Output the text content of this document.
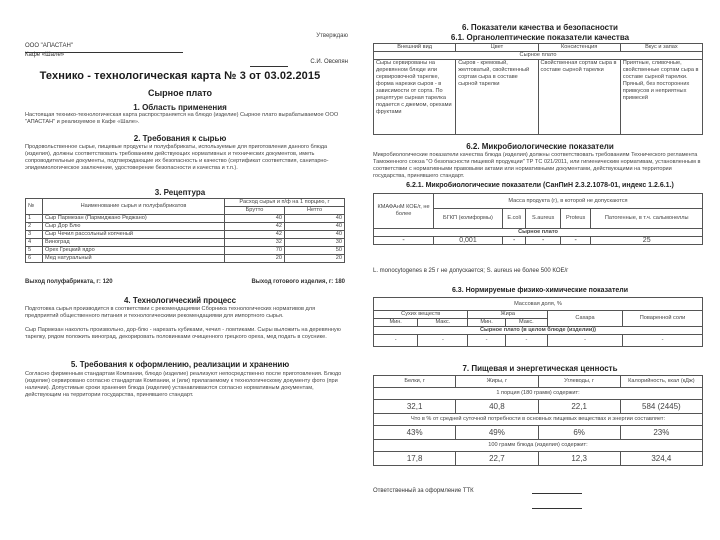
Утверждаю
ООО "АПАСТАН"
Кафе «Шале»
С.И. Овсепян
Технико - технологическая карта № 3 от 03.02.2015
Сырное плато
1. Область применения
Настоящая технико-технологическая карта распространяется на блюдо (изделие) Сырное плато вырабатываемое ООО "АПАСТАН" и реализуемое в Кафе «Шале».
2. Требования к сырью
Продовольственное сырье, пищевые продукты и полуфабрикаты, используемые для приготовления данного блюда (изделия), должны соответствовать требованиям действующих нормативных и технических документов, иметь сопроводительные документы, подтверждающие их безопасность и качество (сертификат соответствия, санитарно-эпидемиологическое заключение, удостоверение безопасности и качества и т.п.).
3. Рецептура
№	Наименование сырья и полуфабрикатов	Расход сырья и п/ф на 1 порцию, г	
		Брутто	Нетто
1	Сыр Пармезан (Пармиджано Реджано)	40	40
2	Сыр Дор Блю	42	40
3	Сыр Чечил рассольный копченый	42	40
4	Виноград	32	30
5	Орех Грецкий ядро	70	50
6	Мед натуральный	20	20
Выход полуфабриката, г: 120	Выход готового изделия, г: 180
4. Технологический процесс
Подготовка сырья производится в соответствии с рекомендациями Сборника технологических нормативов для предприятий общественного питания и технологическими рекомендациями для импортного сырья.
Сыр Пармезан наколоть произвольно, дор-блю - нарезать кубиками, чечил - ломтиками. Сыры выложить на деревянную тарелку, рядом положить виноград, декорировать половинками очищенного грецкого ореха, мед подать в соуснике.
5. Требования к оформлению, реализации и хранению
Согласно фирменным стандартам Компании, блюдо (изделие) реализуют непосредственно после приготовления. Блюдо (изделие) сервировано согласно стандартам Компании, и (или) прилагаемому к технологическому документу фото (при наличии). Допустимые сроки хранения блюда (изделия) устанавливаются согласно нормативным документам, действующим на территории государства, принявшего стандарт.
6. Показатели качества и безопасности
6.1. Органолептические показатели качества
Внешний вид	Цвет	Консистенция	Вкус и запах
Сырное плато			
Сыры сервированы на деревянном блюде или сервировочной тарелке, форма нарезки сыров - в зависимости от сорта. По рецептуре сырная тарелка подается с джемом, орехами фруктами	Сыров - кремовый, желтоватый, свойственный сортам сыра в составе сырной тарелки	Свойственная сортам сыра в составе сырной тарелки	Приятные, сливочные, свойственные сортам сыра в составе сырной тарелки. Пряный, без посторонних привкусов и неприятных примесей
6.2. Микробиологические показатели
Микробиологические показатели качества блюда (изделия) должны соответствовать требованиям Технического регламента Таможенного союза "О безопасности пищевой продукции" ТР ТС 021/2011, или гигиеническим нормативам, установленным в соответствии с нормативными правовыми актами или нормативными документами, действующими на территории государства, принявшего стандарт.
6.2.1. Микробиологические показатели (СанПиН 2.3.2.1078-01, индекс 1.2.6.1.)
КМАФАнМ КОЕ/г, не более	Масса продукта (г), в которой не допускаются				
	БГКП (колиформы)	E.coli	S.aureus	Proteus	Патогенные, в т.ч. сальмонеллы
Сырное плато					
-	0,001	-	-	-	25
L. monocytogenes в 25 г не допускается; S. aureus не более 500 КОЕ/г
6.3. Нормируемые физико-химические показатели
Массовая доля, %					
Сухих веществ		Жира		Сахара	Поваренной соли
Мин.	Макс.	Мин.	Макс.		
Сырное плато (в целом блюде (изделии))					
-	-	-	-	-	-
7. Пищевая и энергетическая ценность
Белки, г	Жиры, г	Углеводы, г	Калорийность, ккал (кДж)
1 порция (180 грамм) содержит:			
32,1	40,8	22,1	584 (2445)
Что в % от средней суточной потребности в основных пищевых веществах и энергии составляет:			
43%	49%	6%	23%
100 грамм блюда (изделия) содержит:			
17,8	22,7	12,3	324,4
Ответственный за оформление ТТК
